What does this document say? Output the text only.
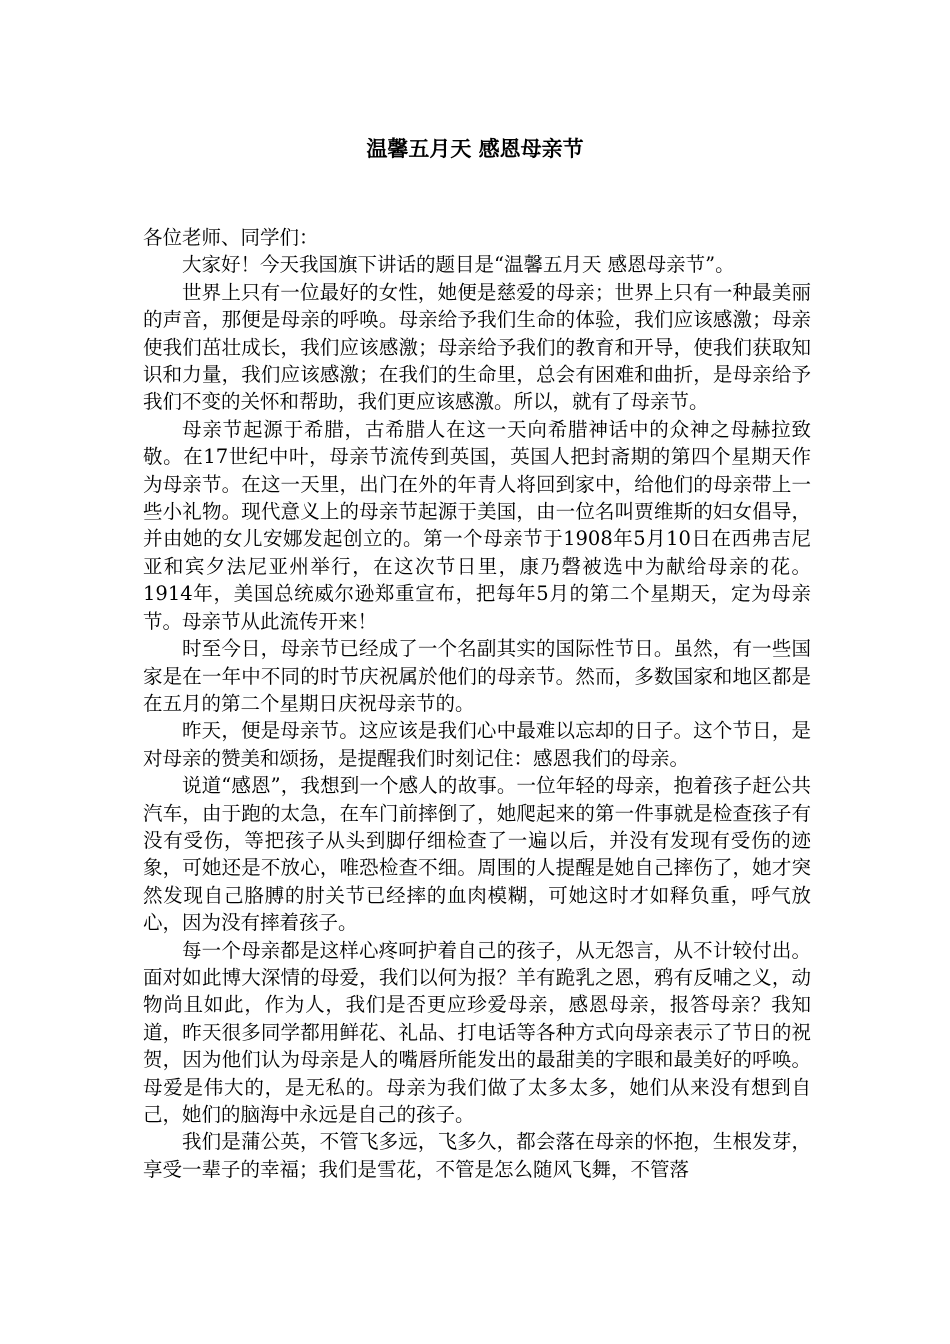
温馨五月天 感恩母亲节

各位老师、同学们：

大家好！今天我国旗下讲话的题目是“温馨五月天 感恩母亲节”。

世界上只有一位最好的女性，她便是慈爱的母亲；世界上只有一种最美丽的声音，那便是母亲的呼唤。母亲给予我们生命的体验，我们应该感激；母亲使我们茁壮成长，我们应该感激；母亲给予我们的教育和开导，使我们获取知识和力量，我们应该感激；在我们的生命里，总会有困难和曲折，是母亲给予我们不变的关怀和帮助，我们更应该感激。所以，就有了母亲节。

母亲节起源于希腊，古希腊人在这一天向希腊神话中的众神之母赫拉致敬。在17世纪中叶，母亲节流传到英国，英国人把封斋期的第四个星期天作为母亲节。在这一天里，出门在外的年青人将回到家中，给他们的母亲带上一些小礼物。现代意义上的母亲节起源于美国，由一位名叫贾维斯的妇女倡导，并由她的女儿安娜发起创立的。第一个母亲节于1908年5月10日在西弗吉尼亚和宾夕法尼亚州举行，在这次节日里，康乃磬被选中为献给母亲的花。1914年，美国总统威尔逊郑重宣布，把每年5月的第二个星期天，定为母亲节。母亲节从此流传开来！

时至今日，母亲节已经成了一个名副其实的国际性节日。虽然，有一些国家是在一年中不同的时节庆祝属於他们的母亲节。然而，多数国家和地区都是在五月的第二个星期日庆祝母亲节的。

昨天，便是母亲节。这应该是我们心中最难以忘却的日子。这个节日，是对母亲的赞美和颂扬，是提醒我们时刻记住：感恩我们的母亲。

说道“感恩”，我想到一个感人的故事。一位年轻的母亲，抱着孩子赶公共汽车，由于跑的太急，在车门前摔倒了，她爬起来的第一件事就是检查孩子有没有受伤，等把孩子从头到脚仔细检查了一遍以后，并没有发现有受伤的迹象，可她还是不放心，唯恐检查不细。周围的人提醒是她自己摔伤了，她才突然发现自己胳膊的肘关节已经摔的血肉模糊，可她这时才如释负重，呼气放心，因为没有摔着孩子。

每一个母亲都是这样心疼呵护着自己的孩子，从无怨言，从不计较付出。面对如此博大深情的母爱，我们以何为报？羊有跪乳之恩，鸦有反哺之义，动物尚且如此，作为人，我们是否更应珍爱母亲，感恩母亲，报答母亲？我知道，昨天很多同学都用鲜花、礼品、打电话等各种方式向母亲表示了节日的祝贺，因为他们认为母亲是人的嘴唇所能发出的最甜美的字眼和最美好的呼唤。母爱是伟大的，是无私的。母亲为我们做了太多太多，她们从来没有想到自己，她们的脑海中永远是自己的孩子。

我们是蒲公英，不管飞多远，飞多久，都会落在母亲的怀抱，生根发芽，享受一辈子的幸福；我们是雪花，不管是怎么随风飞舞，不管落
